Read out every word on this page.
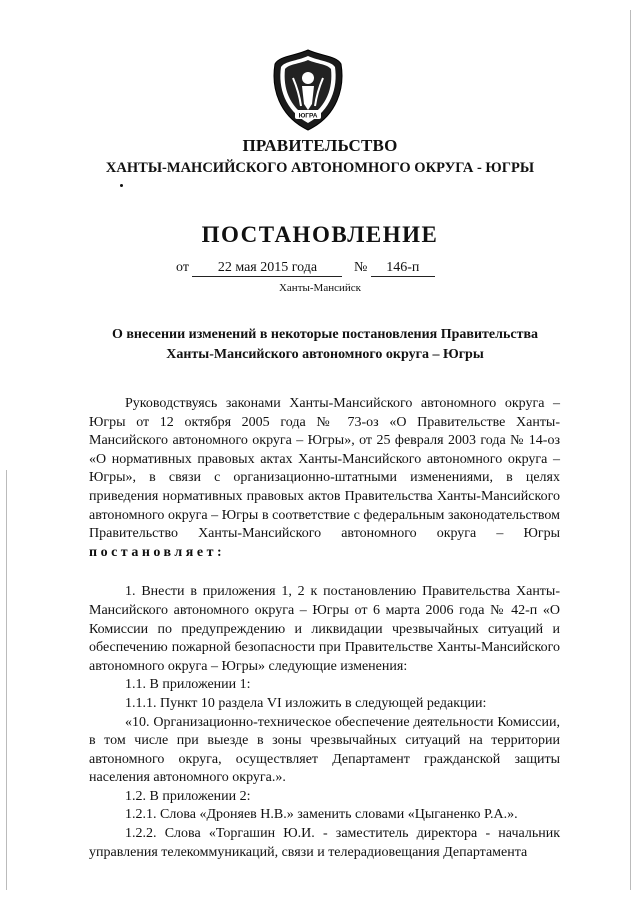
ЮГРА
ПРАВИТЕЛЬСТВО
ХАНТЫ-МАНСИЙСКОГО АВТОНОМНОГО ОКРУГА - ЮГРЫ
ПОСТАНОВЛЕНИЕ
от 22 мая 2015 года	№ 146-п
Ханты-Мансийск
О внесении изменений в некоторые постановления Правительства
Ханты-Мансийского автономного округа – Югры

Руководствуясь законами Ханты-Мансийского автономного округа – Югры от 12 октября 2005 года № 73-оз «О Правительстве Ханты-Мансийского автономного округа – Югры», от 25 февраля 2003 года № 14-оз «О нормативных правовых актах Ханты-Мансийского автономного округа – Югры», в связи с организационно-штатными изменениями, в целях приведения нормативных правовых актов Правительства Ханты-Мансийского автономного округа – Югры в соответствие с федеральным законодательством Правительство Ханты-Мансийского автономного округа – Югры постановляет:

1. Внести в приложения 1, 2 к постановлению Правительства Ханты-Мансийского автономного округа – Югры от 6 марта 2006 года № 42-п «О Комиссии по предупреждению и ликвидации чрезвычайных ситуаций и обеспечению пожарной безопасности при Правительстве Ханты-Мансийского автономного округа – Югры» следующие изменения:

1.1. В приложении 1:

1.1.1. Пункт 10 раздела VI изложить в следующей редакции:

«10. Организационно-техническое обеспечение деятельности Комиссии, в том числе при выезде в зоны чрезвычайных ситуаций на территории автономного округа, осуществляет Департамент гражданской защиты населения автономного округа.».

1.2. В приложении 2:

1.2.1. Слова «Дроняев Н.В.» заменить словами «Цыганенко Р.А.».

1.2.2. Слова «Торгашин Ю.И. - заместитель директора - начальник управления телекоммуникаций, связи и телерадиовещания Департамента
